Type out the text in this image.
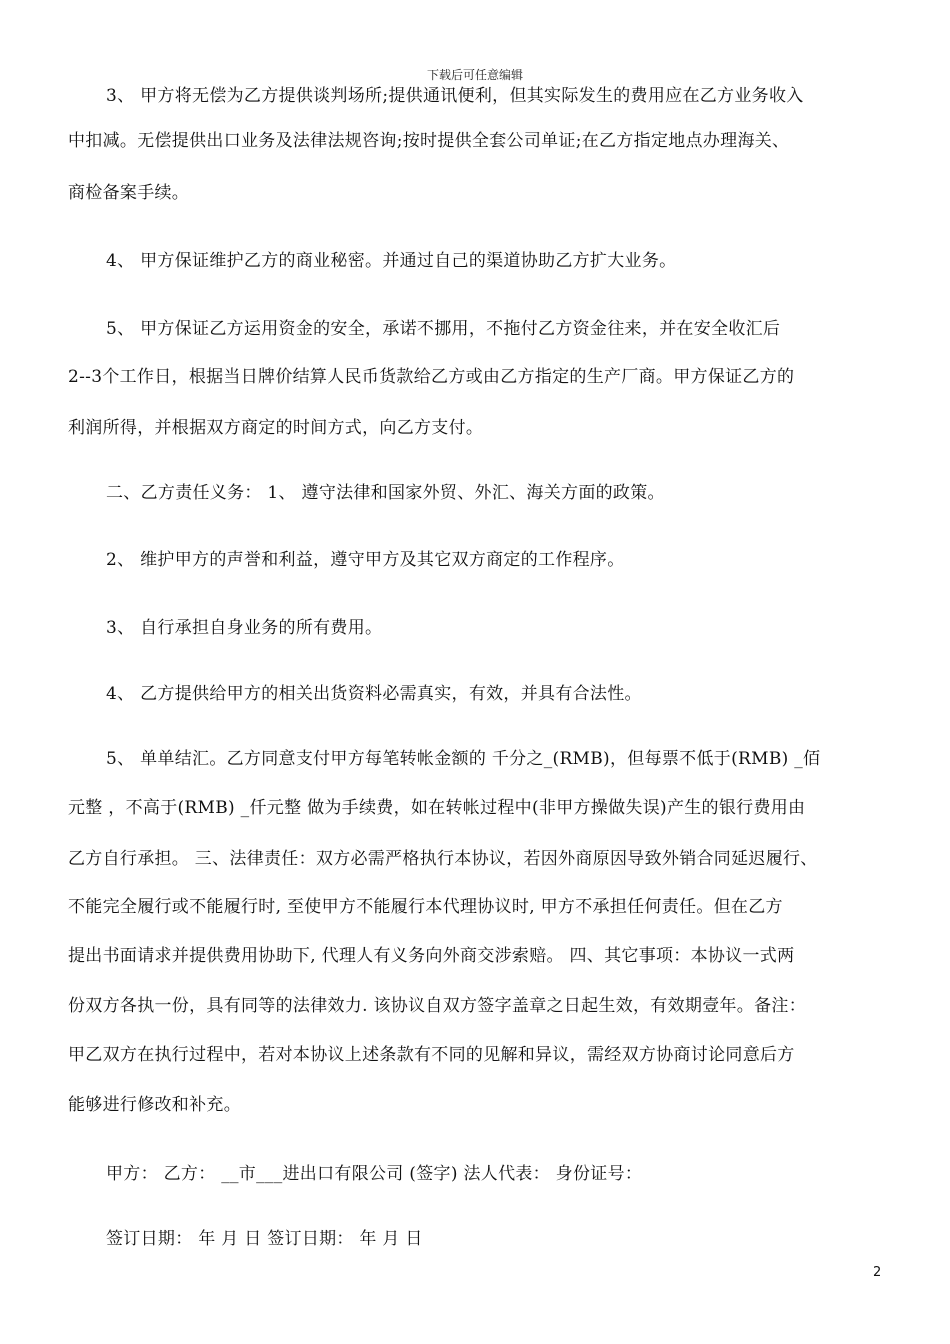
下载后可任意编辑
3、 甲方将无偿为乙方提供谈判场所;提供通讯便利，但其实际发生的费用应在乙方业务收入
中扣减。无偿提供出口业务及法律法规咨询;按时提供全套公司单证;在乙方指定地点办理海关、
商检备案手续。
4、 甲方保证维护乙方的商业秘密。并通过自己的渠道协助乙方扩大业务。
5、 甲方保证乙方运用资金的安全，承诺不挪用，不拖付乙方资金往来，并在安全收汇后
2--3个工作日，根据当日牌价结算人民币货款给乙方或由乙方指定的生产厂商。甲方保证乙方的
利润所得，并根据双方商定的时间方式，向乙方支付。
二、乙方责任义务： 1、 遵守法律和国家外贸、外汇、海关方面的政策。
2、 维护甲方的声誉和利益，遵守甲方及其它双方商定的工作程序。
3、 自行承担自身业务的所有费用。
4、 乙方提供给甲方的相关出货资料必需真实，有效，并具有合法性。
5、 单单结汇。乙方同意支付甲方每笔转帐金额的 千分之_(RMB)，但每票不低于(RMB) _佰
元整 ，不高于(RMB) _仟元整 做为手续费，如在转帐过程中(非甲方操做失误)产生的银行费用由
乙方自行承担。 三、法律责任：双方必需严格执行本协议，若因外商原因导致外销合同延迟履行、
不能完全履行或不能履行时, 至使甲方不能履行本代理协议时, 甲方不承担任何责任。但在乙方
提出书面请求并提供费用协助下, 代理人有义务向外商交涉索赔。 四、其它事项：本协议一式两
份双方各执一份，具有同等的法律效力. 该协议自双方签字盖章之日起生效，有效期壹年。备注：
甲乙双方在执行过程中，若对本协议上述条款有不同的见解和异议，需经双方协商讨论同意后方
能够进行修改和补充。
甲方： 乙方： __市___进出口有限公司 (签字) 法人代表： 身份证号：
签订日期： 年 月 日 签订日期： 年 月 日
2
